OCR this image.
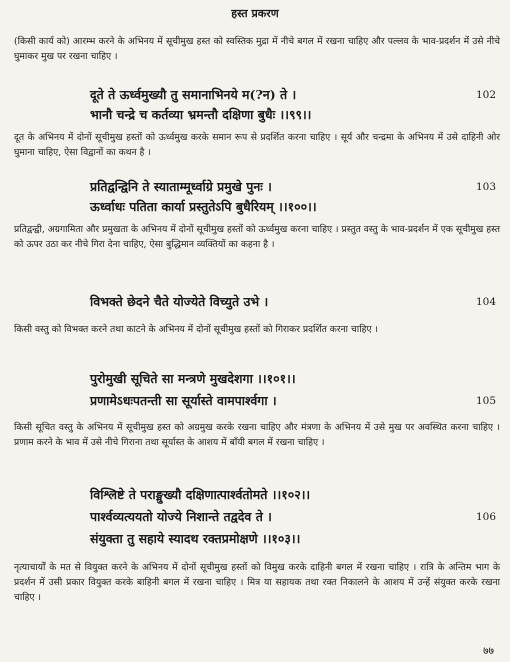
हस्त प्रकरण

(किसी कार्य को) आरम्भ करने के अभिनय में सूचीमुख हस्त को स्वस्तिक मुद्रा में नीचे बगल में रखना चाहिए और पल्लव के भाव-प्रदर्शन में उसे नीचे घुमाकर मुख पर रखना चाहिए ।

दूते ते ऊर्ध्वमुख्यौ तु समानाभिनये म(?न) ते ।	102
भानौ चन्द्रे च कर्तव्या भ्रमन्तौ दक्षिणा बुधैः ।।९९।।

दूत के अभिनय में दोनों सूचीमुख हस्तों को ऊर्ध्वमुख करके समान रूप से प्रदर्शित करना चाहिए । सूर्य और चन्द्रमा के अभिनय में उसे दाहिनी ओर घुमाना चाहिए, ऐसा विद्वानों का कथन है ।

प्रतिद्वन्द्विनि ते स्याताम्मूर्ध्वाग्रे प्रमुखे पुनः ।	103
ऊर्ध्वाधः पतिता कार्या प्रस्तुतेऽपि बुधैरियम् ।।१००।।

प्रतिद्वन्द्वी, अग्रगामिता और प्रमुखता के अभिनय में दोनों सूचीमुख हस्तों को ऊर्ध्वमुख करना चाहिए । प्रस्तुत वस्तु के भाव-प्रदर्शन में एक सूचीमुख हस्त को ऊपर उठा कर नीचे गिरा देना चाहिए, ऐसा बुद्धिमान व्यक्तियों का कहना है ।

विभक्ते छेदने चैते योज्येते विच्युते उभे ।	104

किसी वस्तु को विभक्त करने तथा काटने के अभिनय में दोनों सूचीमुख हस्तों को गिराकर प्रदर्शित करना चाहिए ।

पुरोमुखी सूचिते सा मन्त्रणे मुखदेशगा ।।१०१।।
प्रणामेऽधःपतन्ती सा सूर्यास्ते वामपार्श्वगा ।	105

किसी सूचित वस्तु के अभिनय में सूचीमुख हस्त को अग्रमुख करके रखना चाहिए और मंत्रणा के अभिनय में उसे मुख पर अवस्थित करना चाहिए । प्रणाम करने के भाव में उसे नीचे गिराना तथा सूर्यास्त के आशय में बाँयी बगल में रखना चाहिए ।

विश्लिष्टे ते पराङ्मुख्यौ दक्षिणात्पार्श्वतोमते ।।१०२।।
पार्श्वव्यत्ययतो योज्ये निशान्ते तद्वदेव ते ।	106
संयुक्ता तु सहाये स्यादथ रक्तप्रमोक्षणे ।।१०३।।

नृत्याचार्यों के मत से वियुक्त करने के अभिनय में दोनों सूचीमुख हस्तों को विमुख करके दाहिनी बगल में रखना चाहिए । रात्रि के अन्तिम भाग के प्रदर्शन में उसी प्रकार वियुक्त करके बाहिनी बगल में रखना चाहिए । मित्र या सहायक तथा रक्त निकालने के आशय में उन्हें संयुक्त करके रखना चाहिए ।

७७
